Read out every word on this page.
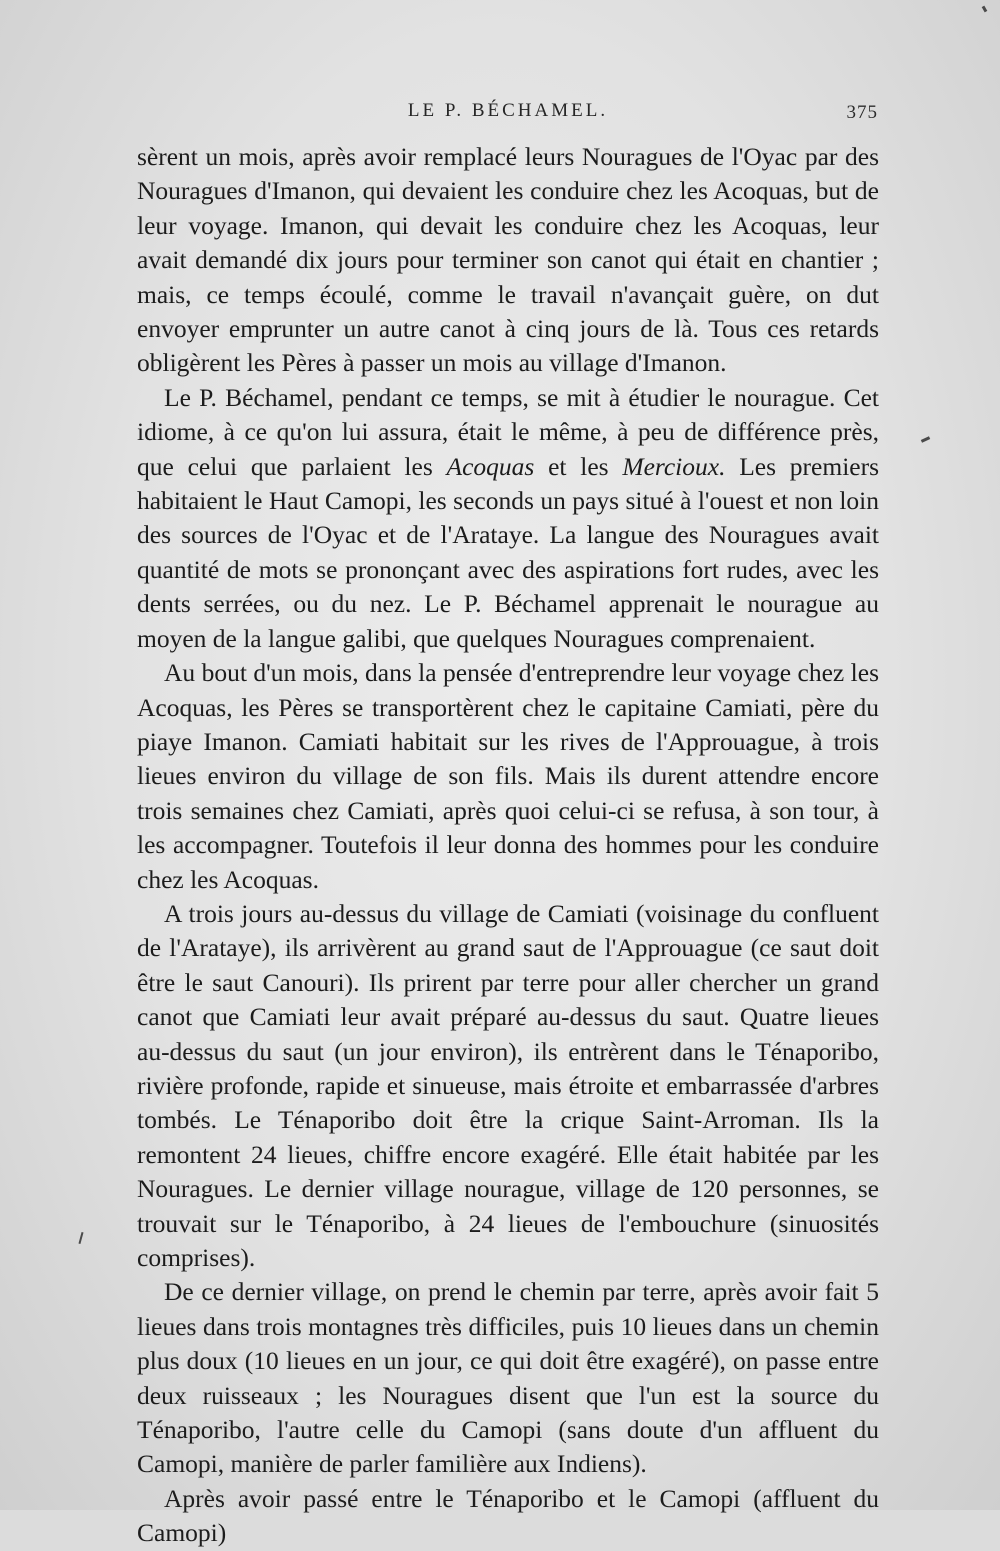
LE P. BÉCHAMEL.	375

sèrent un mois, après avoir remplacé leurs Nouragues de l'Oyac par des Nouragues d'Imanon, qui devaient les conduire chez les Acoquas, but de leur voyage. Imanon, qui devait les conduire chez les Acoquas, leur avait demandé dix jours pour terminer son canot qui était en chantier ; mais, ce temps écoulé, comme le travail n'avançait guère, on dut envoyer emprunter un autre canot à cinq jours de là. Tous ces retards obligèrent les Pères à passer un mois au village d'Imanon.

Le P. Béchamel, pendant ce temps, se mit à étudier le nourague. Cet idiome, à ce qu'on lui assura, était le même, à peu de différence près, que celui que parlaient les Acoquas et les Mercioux. Les premiers habitaient le Haut Camopi, les seconds un pays situé à l'ouest et non loin des sources de l'Oyac et de l'Arataye. La langue des Nouragues avait quantité de mots se prononçant avec des aspirations fort rudes, avec les dents serrées, ou du nez. Le P. Béchamel apprenait le nourague au moyen de la langue galibi, que quelques Nouragues comprenaient.

Au bout d'un mois, dans la pensée d'entreprendre leur voyage chez les Acoquas, les Pères se transportèrent chez le capitaine Camiati, père du piaye Imanon. Camiati habitait sur les rives de l'Approuague, à trois lieues environ du village de son fils. Mais ils durent attendre encore trois semaines chez Camiati, après quoi celui-ci se refusa, à son tour, à les accompagner. Toutefois il leur donna des hommes pour les conduire chez les Acoquas.

A trois jours au-dessus du village de Camiati (voisinage du confluent de l'Arataye), ils arrivèrent au grand saut de l'Approuague (ce saut doit être le saut Canouri). Ils prirent par terre pour aller chercher un grand canot que Camiati leur avait préparé au-dessus du saut. Quatre lieues au-dessus du saut (un jour environ), ils entrèrent dans le Ténaporibo, rivière profonde, rapide et sinueuse, mais étroite et embarrassée d'arbres tombés. Le Ténaporibo doit être la crique Saint-Arroman. Ils la remontent 24 lieues, chiffre encore exagéré. Elle était habitée par les Nouragues. Le dernier village nourague, village de 120 personnes, se trouvait sur le Ténaporibo, à 24 lieues de l'embouchure (sinuosités comprises).

De ce dernier village, on prend le chemin par terre, après avoir fait 5 lieues dans trois montagnes très difficiles, puis 10 lieues dans un chemin plus doux (10 lieues en un jour, ce qui doit être exagéré), on passe entre deux ruisseaux ; les Nouragues disent que l'un est la source du Ténaporibo, l'autre celle du Camopi (sans doute d'un affluent du Camopi, manière de parler familière aux Indiens).

Après avoir passé entre le Ténaporibo et le Camopi (affluent du Camopi)
